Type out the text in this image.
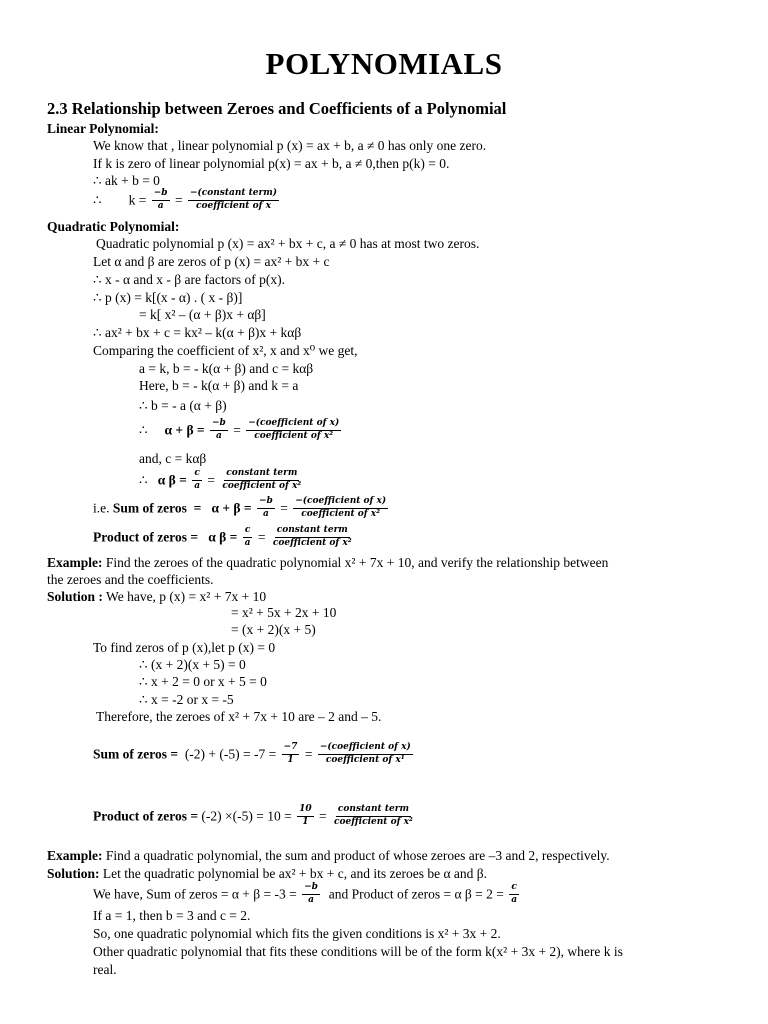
POLYNOMIALS
2.3 Relationship between Zeroes and Coefficients of a Polynomial
Linear Polynomial:
We know that , linear polynomial p (x) = ax + b, a ≠ 0 has only one zero.
If k is zero of linear polynomial p(x) = ax + b, a ≠ 0,then p(k) = 0.
∴ ak + b = 0
∴ $k = \frac{-b}{a} = \frac{\text{−(constant term)}}{\text{coefficient of x}}$
Quadratic Polynomial:
Quadratic polynomial p (x) = ax² + bx + c, a ≠ 0 has at most two zeros.
Let α and β are zeros of p (x) = ax² + bx + c
∴ x - α and x - β are factors of p(x).
∴ p (x) = k[(x - α) . ( x - β)]
= k[ x² – (α + β)x + αβ]
∴ ax² + bx + c = kx² – k(α + β)x + kαβ
Comparing the coefficient of x², x and x⁰ we get,
a = k, b = - k(α + β) and c = kαβ
Here, b = - k(α + β) and k = a
∴ b = - a (α + β)
∴ $\alpha + \beta = \frac{-b}{a} = \frac{\text{−(coefficient of x)}}{\text{coefficient of x²}}$
and, c = kαβ
∴ α $\beta = \frac{c}{a} = \frac{\text{constant term}}{\text{coefficient of x²}}$
i.e. Sum of zeros = $\alpha + \beta = \frac{-b}{a} = \frac{\text{−(coefficient of x)}}{\text{coefficient of x²}}$
Product of zeros = α $\beta = \frac{c}{a} = \frac{\text{constant term}}{\text{coefficient of x²}}$
Example: Find the zeroes of the quadratic polynomial x² + 7x + 10, and verify the relationship between
the zeroes and the coefficients.
Solution : We have, p (x) = x² + 7x + 10
= x² + 5x + 2x + 10
= (x + 2)(x + 5)
To find zeros of p (x),let p (x) = 0
∴ (x + 2)(x + 5) = 0
∴ x + 2 = 0 or x + 5 = 0
∴ x = -2 or x = -5
Therefore, the zeroes of x² + 7x + 10 are – 2 and – 5.
Sum of zeros = $(-2) + (-5) = -7 = \frac{-7}{1} = \frac{\text{−(coefficient of x)}}{\text{coefficient of x¹}}$
Product of zeros = $(-2) \times(-5) = 10 = \frac{10}{1} = \frac{\text{constant term}}{\text{coefficient of x²}}$
Example: Find a quadratic polynomial, the sum and product of whose zeroes are –3 and 2, respectively.
Solution: Let the quadratic polynomial be ax² + bx + c, and its zeroes be α and β.
We have, Sum of zeros = $\alpha + \beta = -3 = \frac{-b}{a}$ and Product of zeros = α $\beta = 2 = \frac{c}{a}$
If a = 1, then b = 3 and c = 2.
So, one quadratic polynomial which fits the given conditions is x² + 3x + 2.
Other quadratic polynomial that fits these conditions will be of the form k(x² + 3x + 2), where k is
real.
